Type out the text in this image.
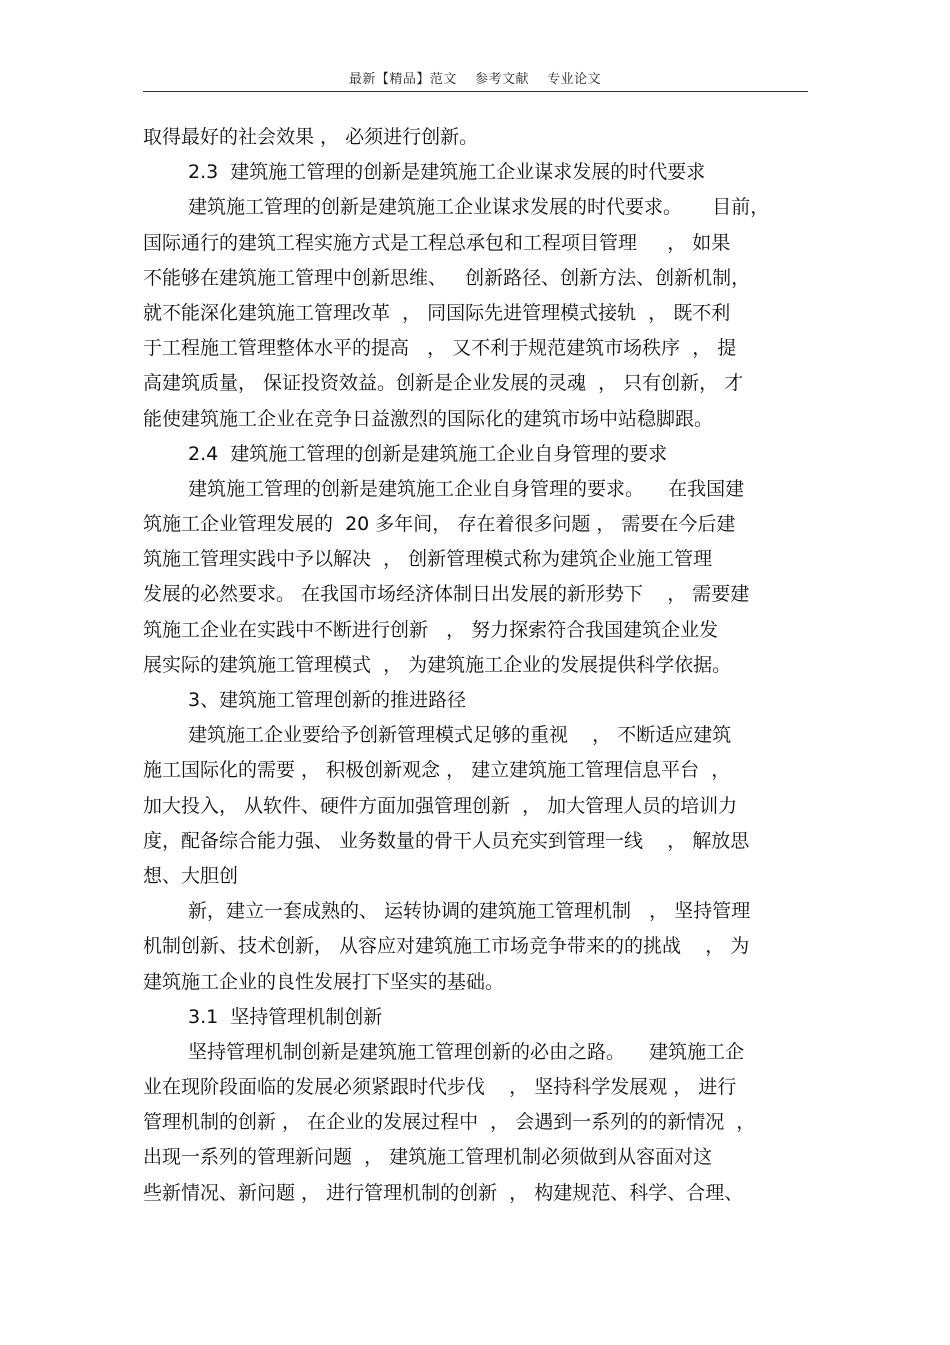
最新【精品】范文　 参考文献　 专业论文
取得最好的社会效果 ， 必须进行创新。
2.3  建筑施工管理的创新是建筑施工企业谋求发展的时代要求
建筑施工管理的创新是建筑施工企业谋求发展的时代要求。     目前，
国际通行的建筑工程实施方式是工程总承包和工程项目管理     ， 如果
不能够在建筑施工管理中创新思维、   创新路径、创新方法、创新机制，
就不能深化建筑施工管理改革  ， 同国际先进管理模式接轨  ， 既不利
于工程施工管理整体水平的提高   ， 又不利于规范建筑市场秩序  ， 提
高建筑质量， 保证投资效益。创新是企业发展的灵魂  ， 只有创新， 才
能使建筑施工企业在竞争日益激烈的国际化的建筑市场中站稳脚跟。
2.4  建筑施工管理的创新是建筑施工企业自身管理的要求
建筑施工管理的创新是建筑施工企业自身管理的要求。    在我国建
筑施工企业管理发展的  20 多年间， 存在着很多问题 ， 需要在今后建
筑施工管理实践中予以解决  ， 创新管理模式称为建筑企业施工管理
发展的必然要求。 在我国市场经济体制日出发展的新形势下    ， 需要建
筑施工企业在实践中不断进行创新   ， 努力探索符合我国建筑企业发
展实际的建筑施工管理模式  ， 为建筑施工企业的发展提供科学依据。
3、建筑施工管理创新的推进路径
建筑施工企业要给予创新管理模式足够的重视    ， 不断适应建筑
施工国际化的需要 ， 积极创新观念 ， 建立建筑施工管理信息平台  ，
加大投入， 从软件、硬件方面加强管理创新  ， 加大管理人员的培训力
度，配备综合能力强、 业务数量的骨干人员充实到管理一线    ， 解放思
想、大胆创
新，建立一套成熟的、 运转协调的建筑施工管理机制   ， 坚持管理
机制创新、技术创新， 从容应对建筑施工市场竞争带来的的挑战    ， 为
建筑施工企业的良性发展打下坚实的基础。
3.1  坚持管理机制创新
坚持管理机制创新是建筑施工管理创新的必由之路。    建筑施工企
业在现阶段面临的发展必须紧跟时代步伐    ， 坚持科学发展观 ， 进行
管理机制的创新 ， 在企业的发展过程中  ， 会遇到一系列的的新情况  ，
出现一系列的管理新问题  ， 建筑施工管理机制必须做到从容面对这
些新情况、新问题 ， 进行管理机制的创新  ， 构建规范、科学、合理、
